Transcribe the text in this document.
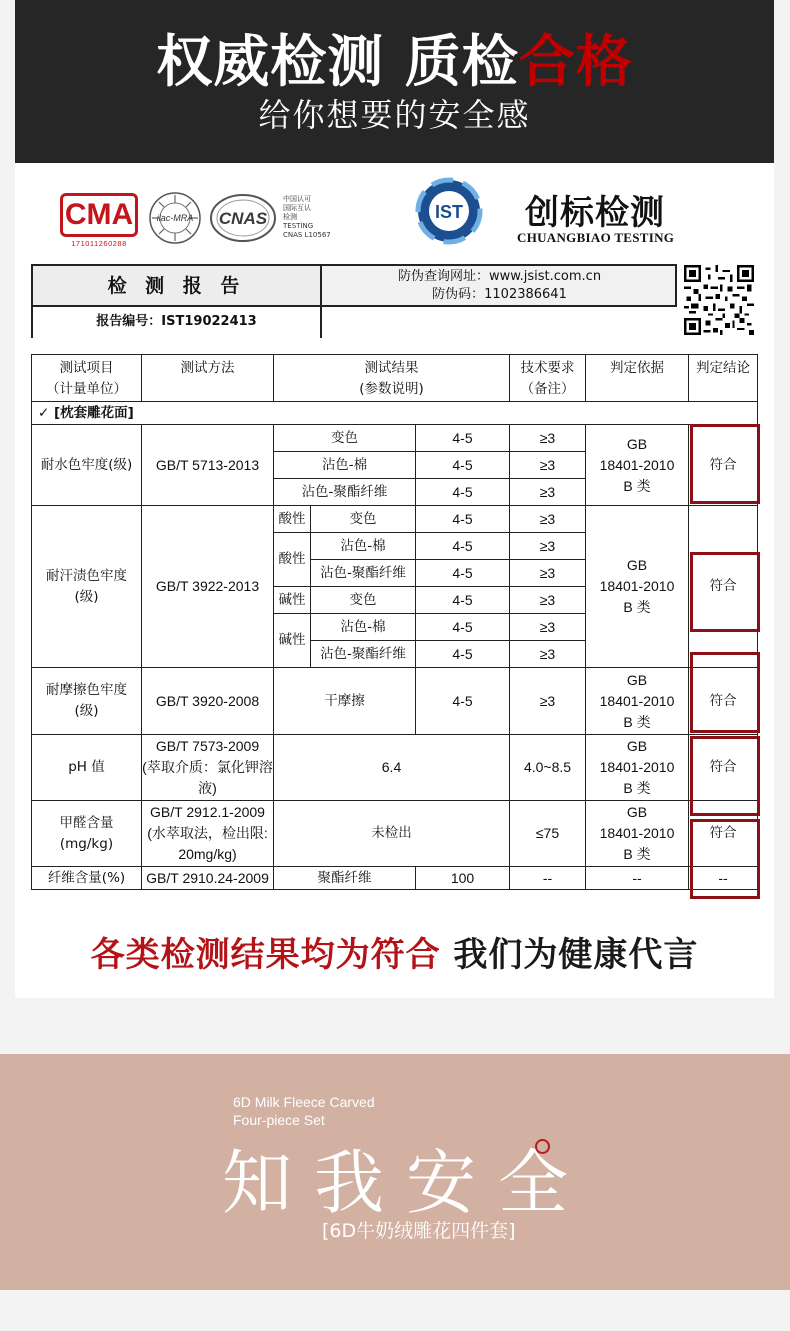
权威检测 质检合格
给你想要的安全感
CMA
171011260288
ilac-MRA CNAS
中国认可
国际互认
检测
TESTING
CNAS L10567
IST 创标检测
CHUANGBIAO TESTING
检 测 报 告
报告编号：IST19022413
防伪查询网址：www.jsist.com.cn
防伪码：1102386641
测试项目
（计量单位）	测试方法	测试结果
(参数说明)			技术要求
（备注）	判定依据	判定结论
✓ [枕套雕花面]							
耐水色牢度(级)	GB/T 5713-2013	变色		4-5	≥3	GB
18401-2010
B 类	符合
		沾色-棉		4-5	≥3		
		沾色-聚酯纤维		4-5	≥3		
耐汗渍色牢度
(级)	GB/T 3922-2013	酸性	变色	4-5	≥3	GB
18401-2010
B 类	符合
		酸性	沾色-棉	4-5	≥3		
			沾色-聚酯纤维	4-5	≥3		
		碱性	变色	4-5	≥3		
		碱性	沾色-棉	4-5	≥3		
			沾色-聚酯纤维	4-5	≥3		
耐摩擦色牢度
(级)	GB/T 3920-2008	干摩擦		4-5	≥3	GB
18401-2010
B 类	符合
pH 值	GB/T 7573-2009
(萃取介质：氯化钾溶
液)	6.4			4.0~8.5	GB
18401-2010
B 类	符合
甲醛含量
(mg/kg)	GB/T 2912.1-2009
(水萃取法，检出限:
20mg/kg)	未检出			≤75	GB
18401-2010
B 类	符合
纤维含量(%)	GB/T 2910.24-2009	聚酯纤维		100	--	--	--
各类检测结果均为符合 我们为健康代言
6D Milk Fleece Carved
Four-piece Set
知我安全
[6D牛奶绒雕花四件套]
